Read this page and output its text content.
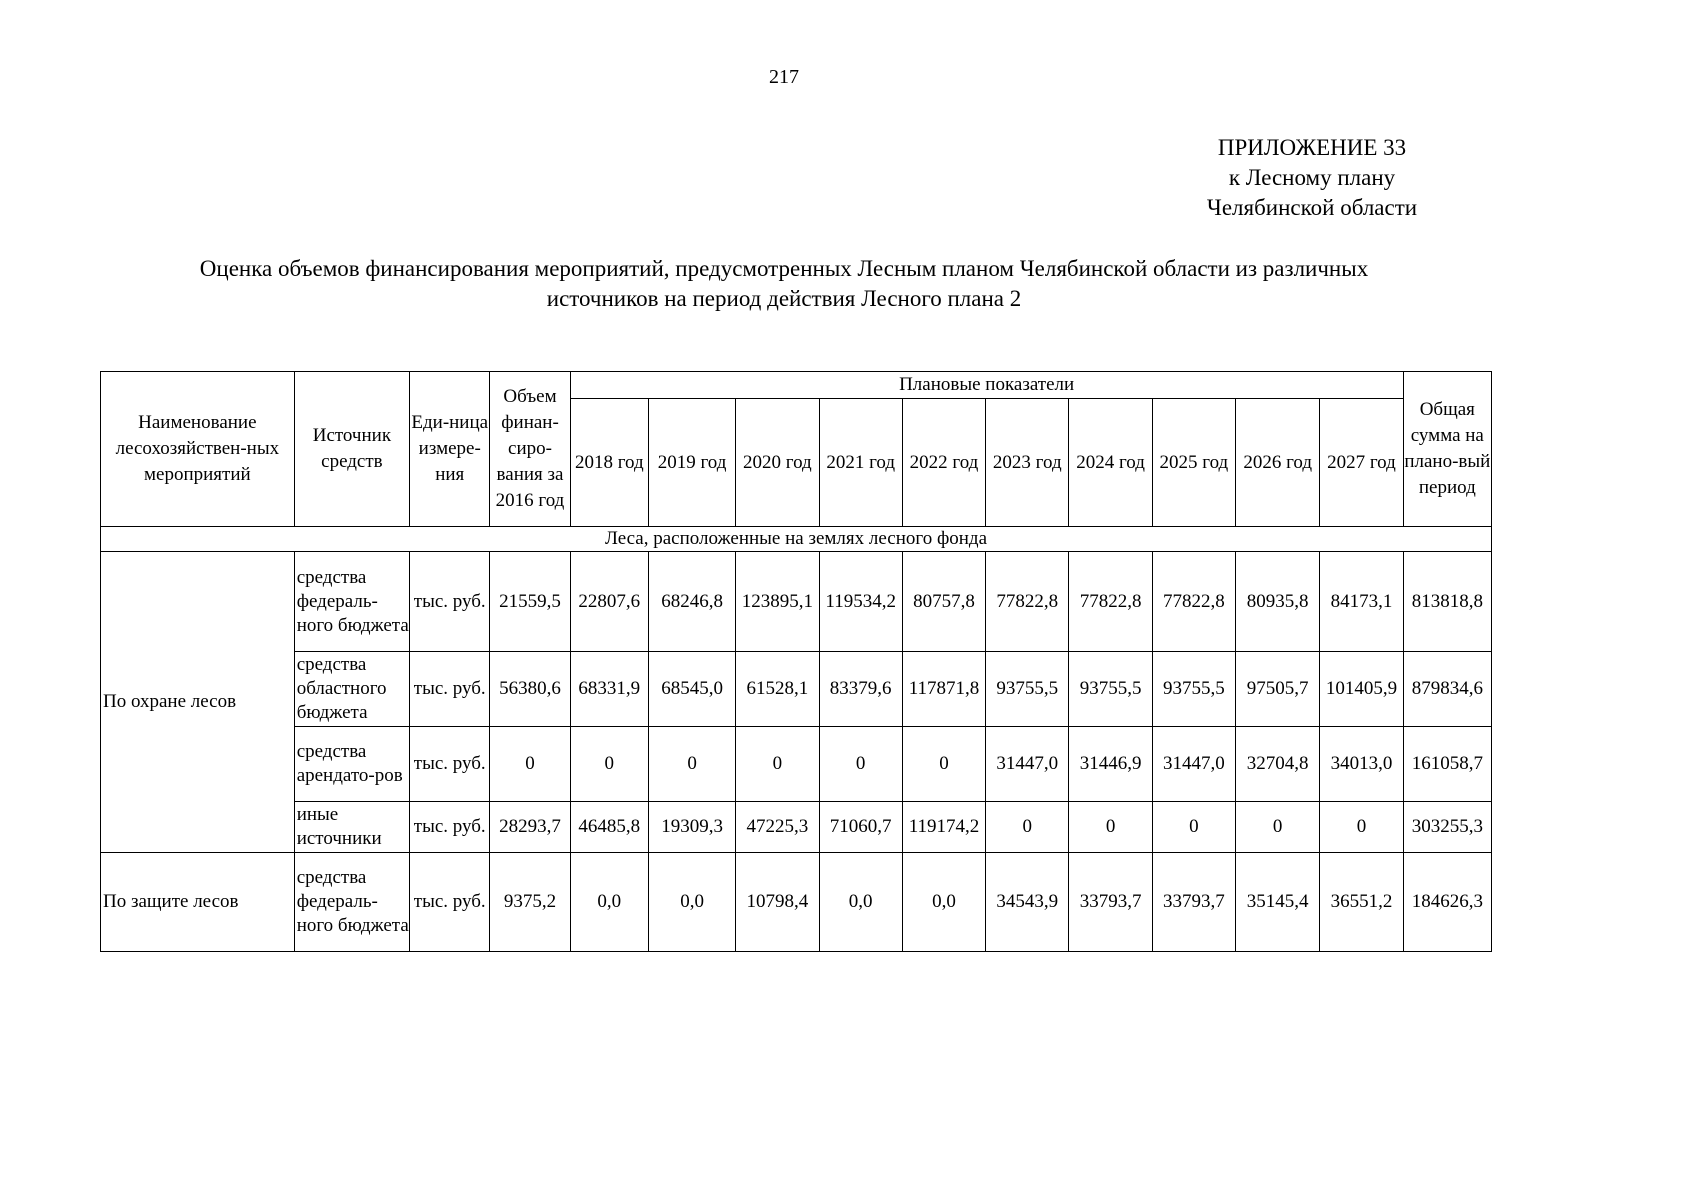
217
ПРИЛОЖЕНИЕ 33
к Лесному плану
Челябинской области
Оценка объемов финансирования мероприятий, предусмотренных Лесным планом Челябинской области из различных
источников на период действия Лесного плана 2
Наименование лесохозяйствен-ных мероприятий	Источник средств	Еди-ница измере-ния	Объем финан-сиро-вания за 2016 год	Плановые показатели										Общая сумма на плано-вый период
				2018 год	2019 год	2020 год	2021 год	2022 год	2023 год	2024 год	2025 год	2026 год	2027 год	
Леса, расположенные на землях лесного фонда														
По охране лесов	средства федераль-ного бюджета	тыс. руб.	21559,5	22807,6	68246,8	123895,1	119534,2	80757,8	77822,8	77822,8	77822,8	80935,8	84173,1	813818,8
	средства областного бюджета	тыс. руб.	56380,6	68331,9	68545,0	61528,1	83379,6	117871,8	93755,5	93755,5	93755,5	97505,7	101405,9	879834,6
	средства арендато-ров	тыс. руб.	0	0	0	0	0	0	31447,0	31446,9	31447,0	32704,8	34013,0	161058,7
	иные источники	тыс. руб.	28293,7	46485,8	19309,3	47225,3	71060,7	119174,2	0	0	0	0	0	303255,3
По защите лесов	средства федераль-ного бюджета	тыс. руб.	9375,2	0,0	0,0	10798,4	0,0	0,0	34543,9	33793,7	33793,7	35145,4	36551,2	184626,3
